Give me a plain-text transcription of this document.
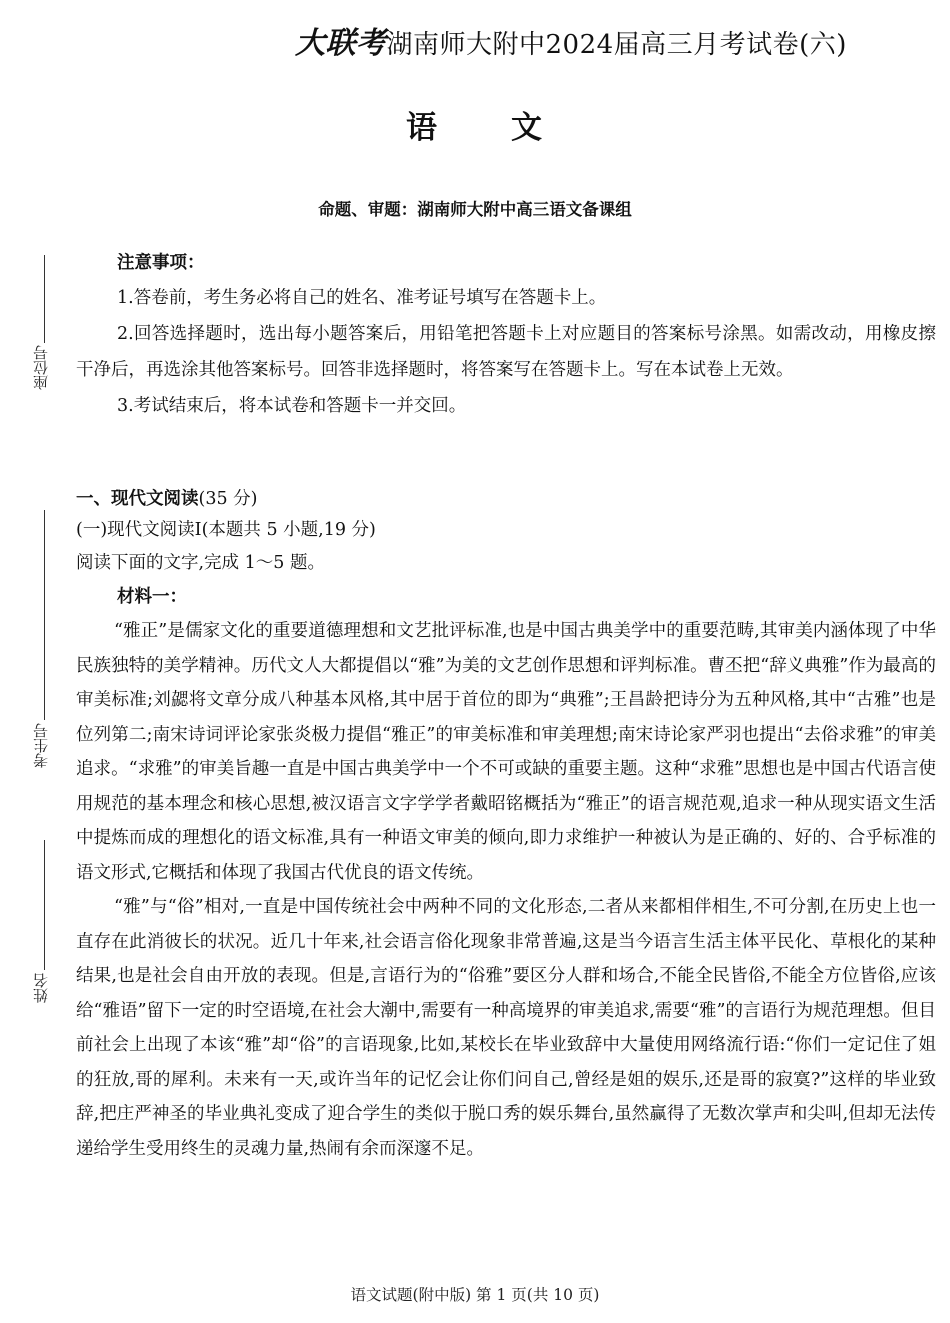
大联考湖南师大附中2024届高三月考试卷(六)
语 文
命题、审题：湖南师大附中高三语文备课组
座位号
考生号
姓名
注意事项：

1.答卷前，考生务必将自己的姓名、准考证号填写在答题卡上。

2.回答选择题时，选出每小题答案后，用铅笔把答题卡上对应题目的答案标号涂黑。如需改动，用橡皮擦干净后，再选涂其他答案标号。回答非选择题时，将答案写在答题卡上。写在本试卷上无效。

3.考试结束后，将本试卷和答题卡一并交回。

一、现代文阅读(35 分)
(一)现代文阅读Ⅰ(本题共 5 小题,19 分)
阅读下面的文字,完成 1～5 题。
材料一：

“雅正”是儒家文化的重要道德理想和文艺批评标准,也是中国古典美学中的重要范畴,其审美内涵体现了中华民族独特的美学精神。历代文人大都提倡以“雅”为美的文艺创作思想和评判标准。曹丕把“辞义典雅”作为最高的审美标准;刘勰将文章分成八种基本风格,其中居于首位的即为“典雅”;王昌龄把诗分为五种风格,其中“古雅”也是位列第二;南宋诗词评论家张炎极力提倡“雅正”的审美标准和审美理想;南宋诗论家严羽也提出“去俗求雅”的审美追求。“求雅”的审美旨趣一直是中国古典美学中一个不可或缺的重要主题。这种“求雅”思想也是中国古代语言使用规范的基本理念和核心思想,被汉语言文字学学者戴昭铭概括为“雅正”的语言规范观,追求一种从现实语文生活中提炼而成的理想化的语文标准,具有一种语文审美的倾向,即力求维护一种被认为是正确的、好的、合乎标准的语文形式,它概括和体现了我国古代优良的语文传统。

“雅”与“俗”相对,一直是中国传统社会中两种不同的文化形态,二者从来都相伴相生,不可分割,在历史上也一直存在此消彼长的状况。近几十年来,社会语言俗化现象非常普遍,这是当今语言生活主体平民化、草根化的某种结果,也是社会自由开放的表现。但是,言语行为的“俗雅”要区分人群和场合,不能全民皆俗,不能全方位皆俗,应该给“雅语”留下一定的时空语境,在社会大潮中,需要有一种高境界的审美追求,需要“雅”的言语行为规范理想。但目前社会上出现了本该“雅”却“俗”的言语现象,比如,某校长在毕业致辞中大量使用网络流行语:“你们一定记住了姐的狂放,哥的犀利。未来有一天,或许当年的记忆会让你们问自己,曾经是姐的娱乐,还是哥的寂寞?”这样的毕业致辞,把庄严神圣的毕业典礼变成了迎合学生的类似于脱口秀的娱乐舞台,虽然赢得了无数次掌声和尖叫,但却无法传递给学生受用终生的灵魂力量,热闹有余而深邃不足。

语文试题(附中版) 第 1 页(共 10 页)
